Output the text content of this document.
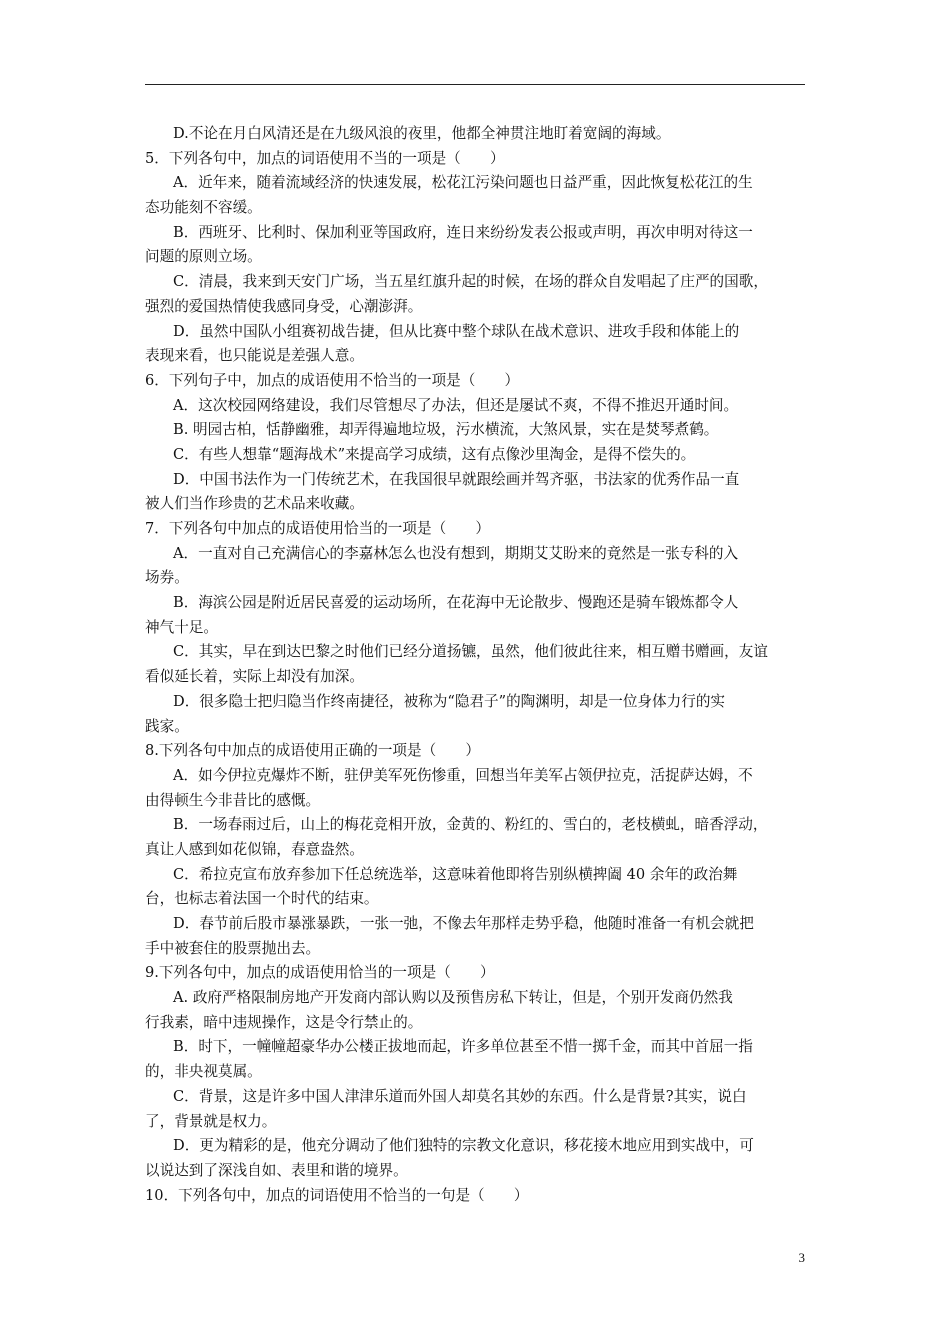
D.不论在月白风清还是在九级风浪的夜里，他都全神贯注地盯着宽阔的海域。
5．下列各句中，加点的词语使用不当的一项是（　　）
A．近年来，随着流域经济的快速发展，松花江污染问题也日益严重，因此恢复松花江的生
态功能刻不容缓。
B．西班牙、比利时、保加利亚等国政府，连日来纷纷发表公报或声明，再次申明对待这一
问题的原则立场。
C．清晨，我来到天安门广场，当五星红旗升起的时候，在场的群众自发唱起了庄严的国歌，
强烈的爱国热情使我感同身受，心潮澎湃。
D．虽然中国队小组赛初战告捷，但从比赛中整个球队在战术意识、进攻手段和体能上的
表现来看，也只能说是差强人意。
6．下列句子中，加点的成语使用不恰当的一项是（　　）
A．这次校园网络建设，我们尽管想尽了办法，但还是屡试不爽，不得不推迟开通时间。
B. 明园古柏，恬静幽雅，却弄得遍地垃圾，污水横流，大煞风景，实在是焚琴煮鹤。
C．有些人想靠“题海战术”来提高学习成绩，这有点像沙里淘金，是得不偿失的。
D．中国书法作为一门传统艺术，在我国很早就跟绘画并驾齐驱，书法家的优秀作品一直
被人们当作珍贵的艺术品来收藏。
7．下列各句中加点的成语使用恰当的一项是（　　）
A．一直对自己充满信心的李嘉林怎么也没有想到，期期艾艾盼来的竟然是一张专科的入
场券。
B．海滨公园是附近居民喜爱的运动场所，在花海中无论散步、慢跑还是骑车锻炼都令人
神气十足。
C．其实，早在到达巴黎之时他们已经分道扬镳，虽然，他们彼此往来，相互赠书赠画，友谊
看似延长着，实际上却没有加深。
D．很多隐士把归隐当作终南捷径，被称为“隐君子”的陶渊明，却是一位身体力行的实
践家。
8.下列各句中加点的成语使用正确的一项是（　　）
A．如今伊拉克爆炸不断，驻伊美军死伤惨重，回想当年美军占领伊拉克，活捉萨达姆，不
由得顿生今非昔比的感慨。
B．一场春雨过后，山上的梅花竞相开放，金黄的、粉红的、雪白的，老枝横虬，暗香浮动，
真让人感到如花似锦，春意盎然。
C．希拉克宣布放弃参加下任总统选举，这意味着他即将告别纵横捭阖 40 余年的政治舞
台，也标志着法国一个时代的结束。
D．春节前后股市暴涨暴跌，一张一弛，不像去年那样走势乎稳，他随时准备一有机会就把
手中被套住的股票抛出去。
9.下列各句中，加点的成语使用恰当的一项是（　　）
A. 政府严格限制房地产开发商内部认购以及预售房私下转让，但是，个别开发商仍然我
行我素，暗中违规操作，这是令行禁止的。
B．时下，一幢幢超豪华办公楼正拔地而起，许多单位甚至不惜一掷千金，而其中首屈一指
的，非央视莫属。
C．背景，这是许多中国人津津乐道而外国人却莫名其妙的东西。什么是背景?其实，说白
了，背景就是权力。
D．更为精彩的是，他充分调动了他们独特的宗教文化意识，移花接木地应用到实战中，可
以说达到了深浅自如、表里和谐的境界。
10．下列各句中，加点的词语使用不恰当的一句是（　　）
3
